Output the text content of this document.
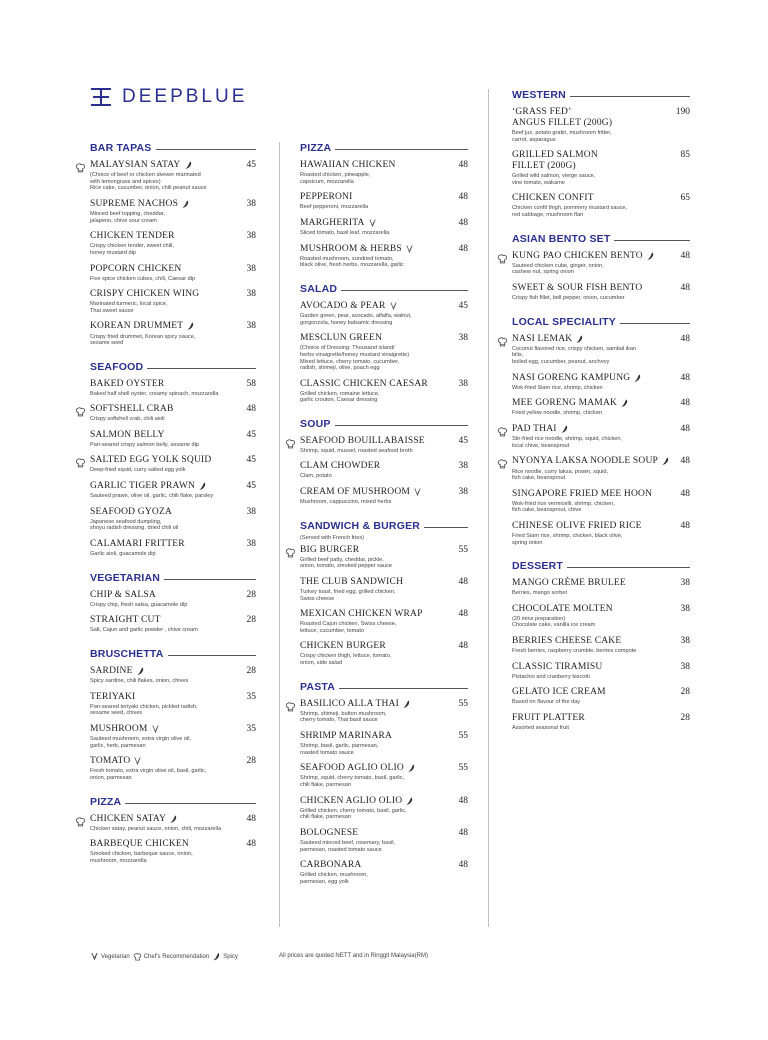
DEEPBLUE
BAR TAPAS
MALAYSIAN SATAY	45
(Choice of beef or chicken skewer marinated
with lemongrass and spices)
Rice cake, cucumber, onion, chili peanut sauce
SUPREME NACHOS	38
Minced beef topping, cheddar,
jalapeno, chive sour cream
CHICKEN TENDER	38
Crispy chicken tender, sweet chili,
honey mustard dip
POPCORN CHICKEN	38
Five spice chicken cubes, chili, Caesar dip
CRISPY CHICKEN WING	38
Marinated turmeric, local spice,
Thai sweet sauce
KOREAN DRUMMET	38
Crispy fried drummet, Korean spicy sauce,
sesame seed
SEAFOOD
BAKED OYSTER	58
Baked half shell oyster, creamy spinach, mozzarella
SOFTSHELL CRAB	48
Crispy softshell crab, chili aioli
SALMON BELLY	45
Pan-seared crispy salmon belly, sesame dip
SALTED EGG YOLK SQUID	45
Deep-fried squid, curry salted egg yolk
GARLIC TIGER PRAWN	45
Sauteed prawn, olive oil, garlic, chili flake, parsley
SEAFOOD GYOZA	38
Japanese seafood dumpling,
shoyu radish dressing, dried chili oil
CALAMARI FRITTER	38
Garlic aioli, guacamole dip
VEGETARIAN
CHIP & SALSA	28
Crispy chip, fresh salsa, guacamole dip
STRAIGHT CUT	28
Salt, Cajun and garlic powder , chive cream
BRUSCHETTA
SARDINE	28
Spicy sardine, chili flakes, onion, chives
TERIYAKI	35
Pan-seared teriyaki chicken, pickled radish,
sesame seed, chives
MUSHROOM	35
Sauteed mushroom, extra virgin olive oil,
garlic, herb, parmesan
TOMATO	28
Fresh tomato, extra virgin olive oil, basil, garlic,
onion, parmesan
PIZZA
CHICKEN SATAY	48
Chicken satay, peanut sauce, onion, chili, mozzarella
BARBEQUE CHICKEN	48
Smoked chicken, barbeque sauce, onion,
mushroom, mozzarella
PIZZA
HAWAIIAN CHICKEN	48
Roasted chicken, pineapple,
capsicum, mozzarella
PEPPERONI	48
Beef pepperoni, mozzarella
MARGHERITA	48
Sliced tomato, basil leaf, mozzarella
MUSHROOM & HERBS	48
Roasted mushroom, sundried tomato,
black olive, fresh herbs, mozzarella, garlic
SALAD
AVOCADO & PEAR	45
Garden green, pear, avocado, alfalfa, walnut,
gorgonzola, honey balsamic dressing
MESCLUN GREEN	38
(Choice of Dressing: Thousand island/
herbs vinaigrette/honey mustard vinaigrette)
Mixed lettuce, cherry tomato, cucumber,
radish, shimeji, olive, poach egg
CLASSIC CHICKEN CAESAR	38
Grilled chicken, romaine lettuce,
garlic crouton, Caesar dressing
SOUP
SEAFOOD BOUILLABAISSE	45
Shrimp, squid, mussel, roasted seafood broth
CLAM CHOWDER	38
Clam, potato
CREAM OF MUSHROOM	38
Mushroom, cappuccino, mixed herbs
SANDWICH & BURGER
(Served with French fries)
BIG BURGER	55
Grilled beef patty, cheddar, pickle,
onion, tomato, smoked pepper sauce
THE CLUB SANDWICH	48
Turkey toast, fried egg, grilled chicken,
Swiss cheese
MEXICAN CHICKEN WRAP	48
Roasted Cajun chicken, Swiss cheese,
lettuce, cucumber, tomato
CHICKEN BURGER	48
Crispy chicken thigh, lettuce, tomato,
onion, side salad
PASTA
BASILICO ALLA THAI	55
Shrimp, shimeji, button mushroom,
cherry tomato, Thai basil sauce
SHRIMP MARINARA	55
Shrimp, basil, garlic, parmesan,
roasted tomato sauce
SEAFOOD AGLIO OLIO	55
Shrimp, squid, cherry tomato, basil, garlic,
chili flake, parmesan
CHICKEN AGLIO OLIO	48
Grilled chicken, cherry tomato, basil, garlic,
chili flake, parmesan
BOLOGNESE	48
Sauteed minced beef, rosemary, basil,
parmesan, roasted tomato sauce
CARBONARA	48
Grilled chicken, mushroom,
parmesan, egg yolk
WESTERN
‘GRASS FED’
ANGUS FILLET (200G)
190
Beef jus, potato gratin, mushroom fritter,
carrot, asparagus
GRILLED SALMON
FILLET (200G)
85
Grilled wild salmon, vierge sauce,
vine tomato, wakame
CHICKEN CONFIT	65
Chicken confit thigh, pommery mustard sauce,
red cabbage, mushroom flan
ASIAN BENTO SET
KUNG PAO CHICKEN BENTO	48
Sauteed chicken cube, ginger, onion,
cashew nut, spring onion
SWEET & SOUR FISH BENTO	48
Crispy fish fillet, bell pepper, onion, cucumber
LOCAL SPECIALITY
NASI LEMAK	48
Coconut flavored rice, crispy chicken, sambal ikan bilis,
boiled egg, cucumber, peanut, anchovy
NASI GORENG KAMPUNG	48
Wok-fried Siam rice, shrimp, chicken
MEE GORENG MAMAK	48
Fried yellow noodle, shrimp, chicken
PAD THAI	48
Stir-fried rice noodle, shrimp, squid, chicken,
local chive, beansprout
NYONYA LAKSA NOODLE SOUP	48
Rice noodle, curry laksa, prawn, squid,
fish cake, beansprout
SINGAPORE FRIED MEE HOON	48
Wok-fried rice vermicelli, shrimp, chicken,
fish cake, beansprout, chive
CHINESE OLIVE FRIED RICE	48
Fried Siam rice, shrimp, chicken, black olive,
spring onion
DESSERT
MANGO CRÈME BRULEE	38
Berries, mango sorbet
CHOCOLATE MOLTEN	38
(20 mins preparation)
Chocolate cake, vanilla ice cream
BERRIES CHEESE CAKE	38
Fresh berries, raspberry crumble, berries compote
CLASSIC TIRAMISU	38
Pistachio and cranberry biscotti
GELATO ICE CREAM	28
Based on flavour of the day
FRUIT PLATTER	28
Assorted seasonal fruit
Vegetarian Chef's Recommendation Spicy	All prices are quoted NETT and in Ringgit Malaysia(RM)
